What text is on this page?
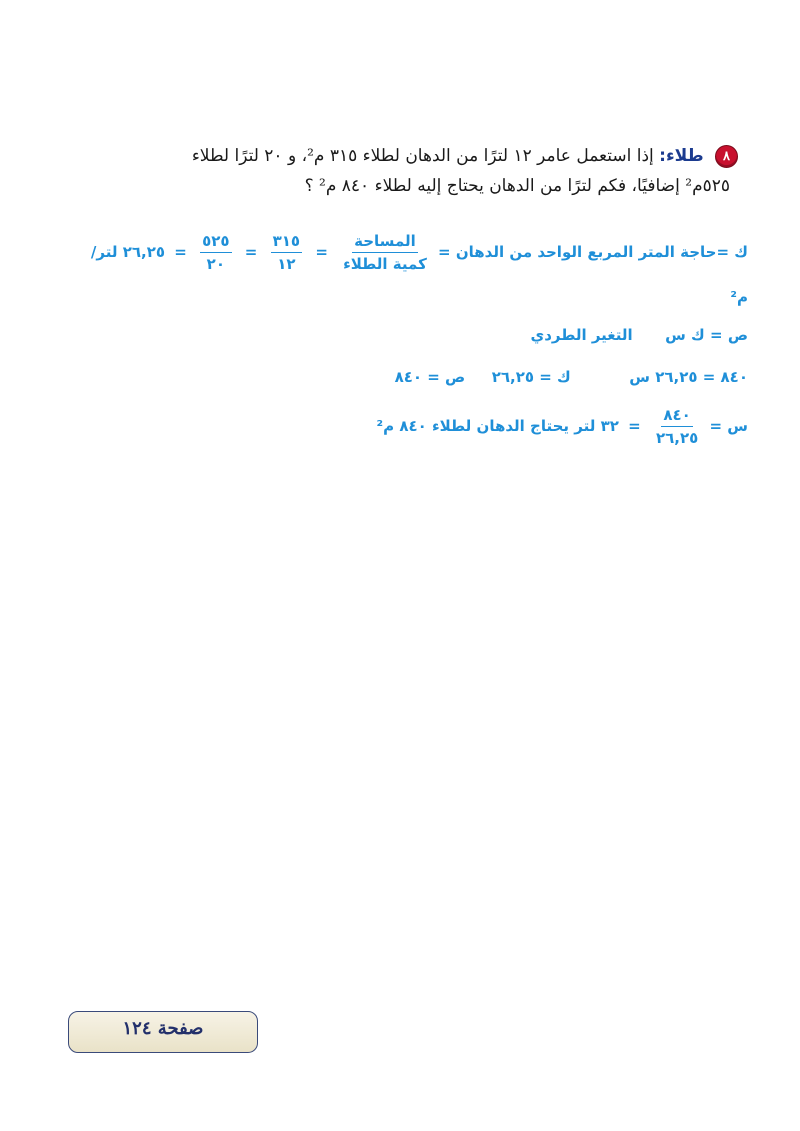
٨ طلاء: إذا استعمل عامر ١٢ لترًا من الدهان لطلاء ٣١٥ م²، و ٢٠ لترًا لطلاء
٥٢٥م² إضافيًا، فكم لترًا من الدهان يحتاج إليه لطلاء ٨٤٠ م² ؟
ك =حاجة المتر المربع الواحد من الدهان =
$\frac{\text{المساحة}}{\text{كمية الطلاء}}$
=
$\frac{٣١٥}{١٢}$
=
$\frac{٥٢٥}{٢٠}$
= ٢٦,٢٥ لتر/
م²
ص = ك س  التغير الطردي
٨٤٠ = ٢٦,٢٥ س  ك = ٢٦,٢٥  ص = ٨٤٠
س =
$\frac{٨٤٠}{٢٦,٢٥}$
= ٣٢ لتر يحتاج الدهان لطلاء ٨٤٠ م²
صفحة ١٢٤
